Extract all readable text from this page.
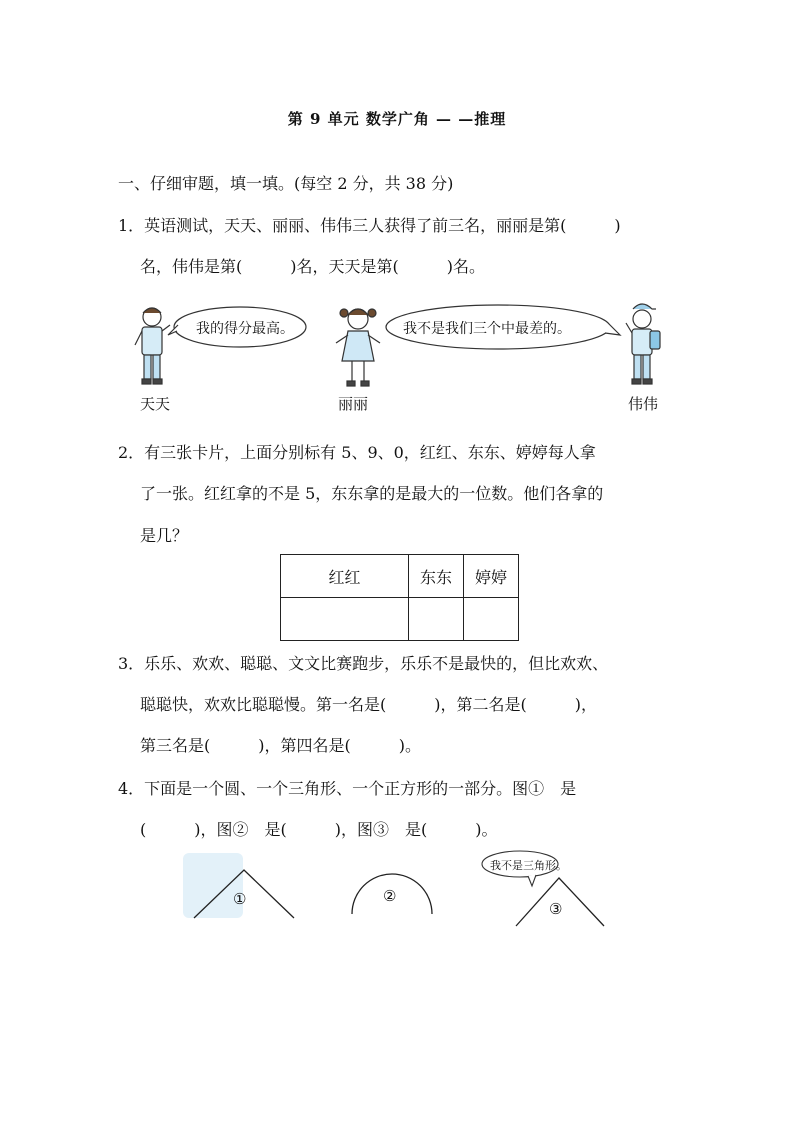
第 9 单元 数学广角 — —推理
一、仔细审题，填一填。(每空 2 分，共 38 分)
1．英语测试，天天、丽丽、伟伟三人获得了前三名，丽丽是第(　　　)
名，伟伟是第(　　　)名，天天是第(　　　)名。
我的得分最高。	我不是我们三个中最差的。
天天	丽丽	伟伟
2．有三张卡片，上面分别标有 5、9、0，红红、东东、婷婷每人拿
了一张。红红拿的不是 5，东东拿的是最大的一位数。他们各拿的
是几？
红红	东东	婷婷

3．乐乐、欢欢、聪聪、文文比赛跑步，乐乐不是最快的，但比欢欢、
聪聪快，欢欢比聪聪慢。第一名是(　　　)，第二名是(　　　)，
第三名是(　　　)，第四名是(　　　)。
4．下面是一个圆、一个三角形、一个正方形的一部分。图①　是
(　　　)，图②　是(　　　)，图③　是(　　　)。
①	②
③
我不是三角形。
